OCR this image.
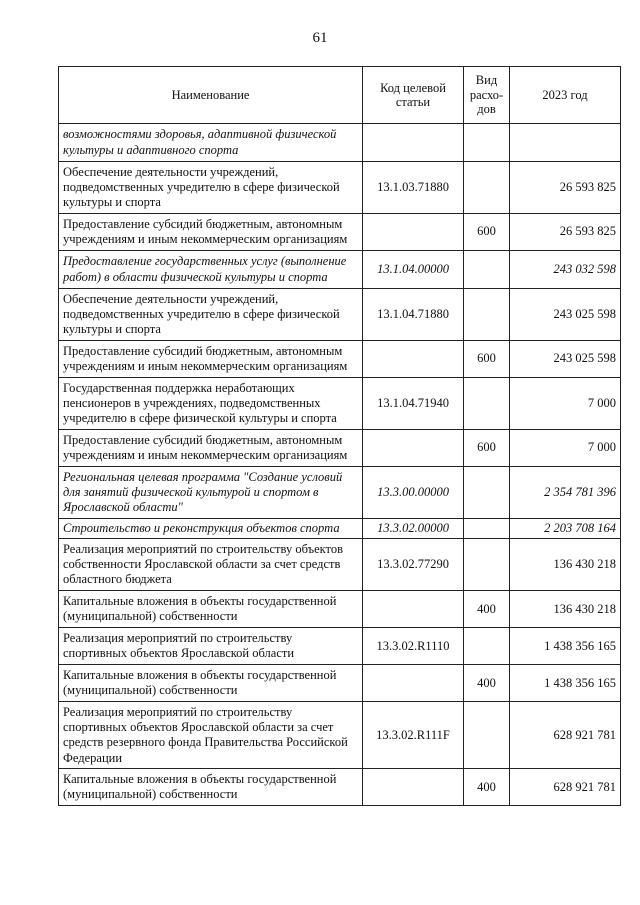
61
Наименование	Код целевой статьи	Вид расхо-дов	2023 год
возможностями здоровья, адаптивной физической культуры и адаптивного спорта			
Обеспечение деятельности учреждений, подведомственных учредителю в сфере физической культуры и спорта	13.1.03.71880		26 593 825
Предоставление субсидий бюджетным, автономным учреждениям и иным некоммерческим организациям		600	26 593 825
Предоставление государственных услуг (выполнение работ) в области физической культуры и спорта	13.1.04.00000		243 032 598
Обеспечение деятельности учреждений, подведомственных учредителю в сфере физической культуры и спорта	13.1.04.71880		243 025 598
Предоставление субсидий бюджетным, автономным учреждениям и иным некоммерческим организациям		600	243 025 598
Государственная поддержка неработающих пенсионеров в учреждениях, подведомственных учредителю в сфере физической культуры и спорта	13.1.04.71940		7 000
Предоставление субсидий бюджетным, автономным учреждениям и иным некоммерческим организациям		600	7 000
Региональная целевая программа "Создание условий для занятий физической культурой и спортом в Ярославской области"	13.3.00.00000		2 354 781 396
Строительство и реконструкция объектов спорта	13.3.02.00000		2 203 708 164
Реализация мероприятий по строительству объектов собственности Ярославской области за счет средств областного бюджета	13.3.02.77290		136 430 218
Капитальные вложения в объекты государственной (муниципальной) собственности		400	136 430 218
Реализация мероприятий по строительству спортивных объектов Ярославской области	13.3.02.R1110		1 438 356 165
Капитальные вложения в объекты государственной (муниципальной) собственности		400	1 438 356 165
Реализация мероприятий по строительству спортивных объектов Ярославской области за счет средств резервного фонда Правительства Российской Федерации	13.3.02.R111F		628 921 781
Капитальные вложения в объекты государственной (муниципальной) собственности		400	628 921 781
